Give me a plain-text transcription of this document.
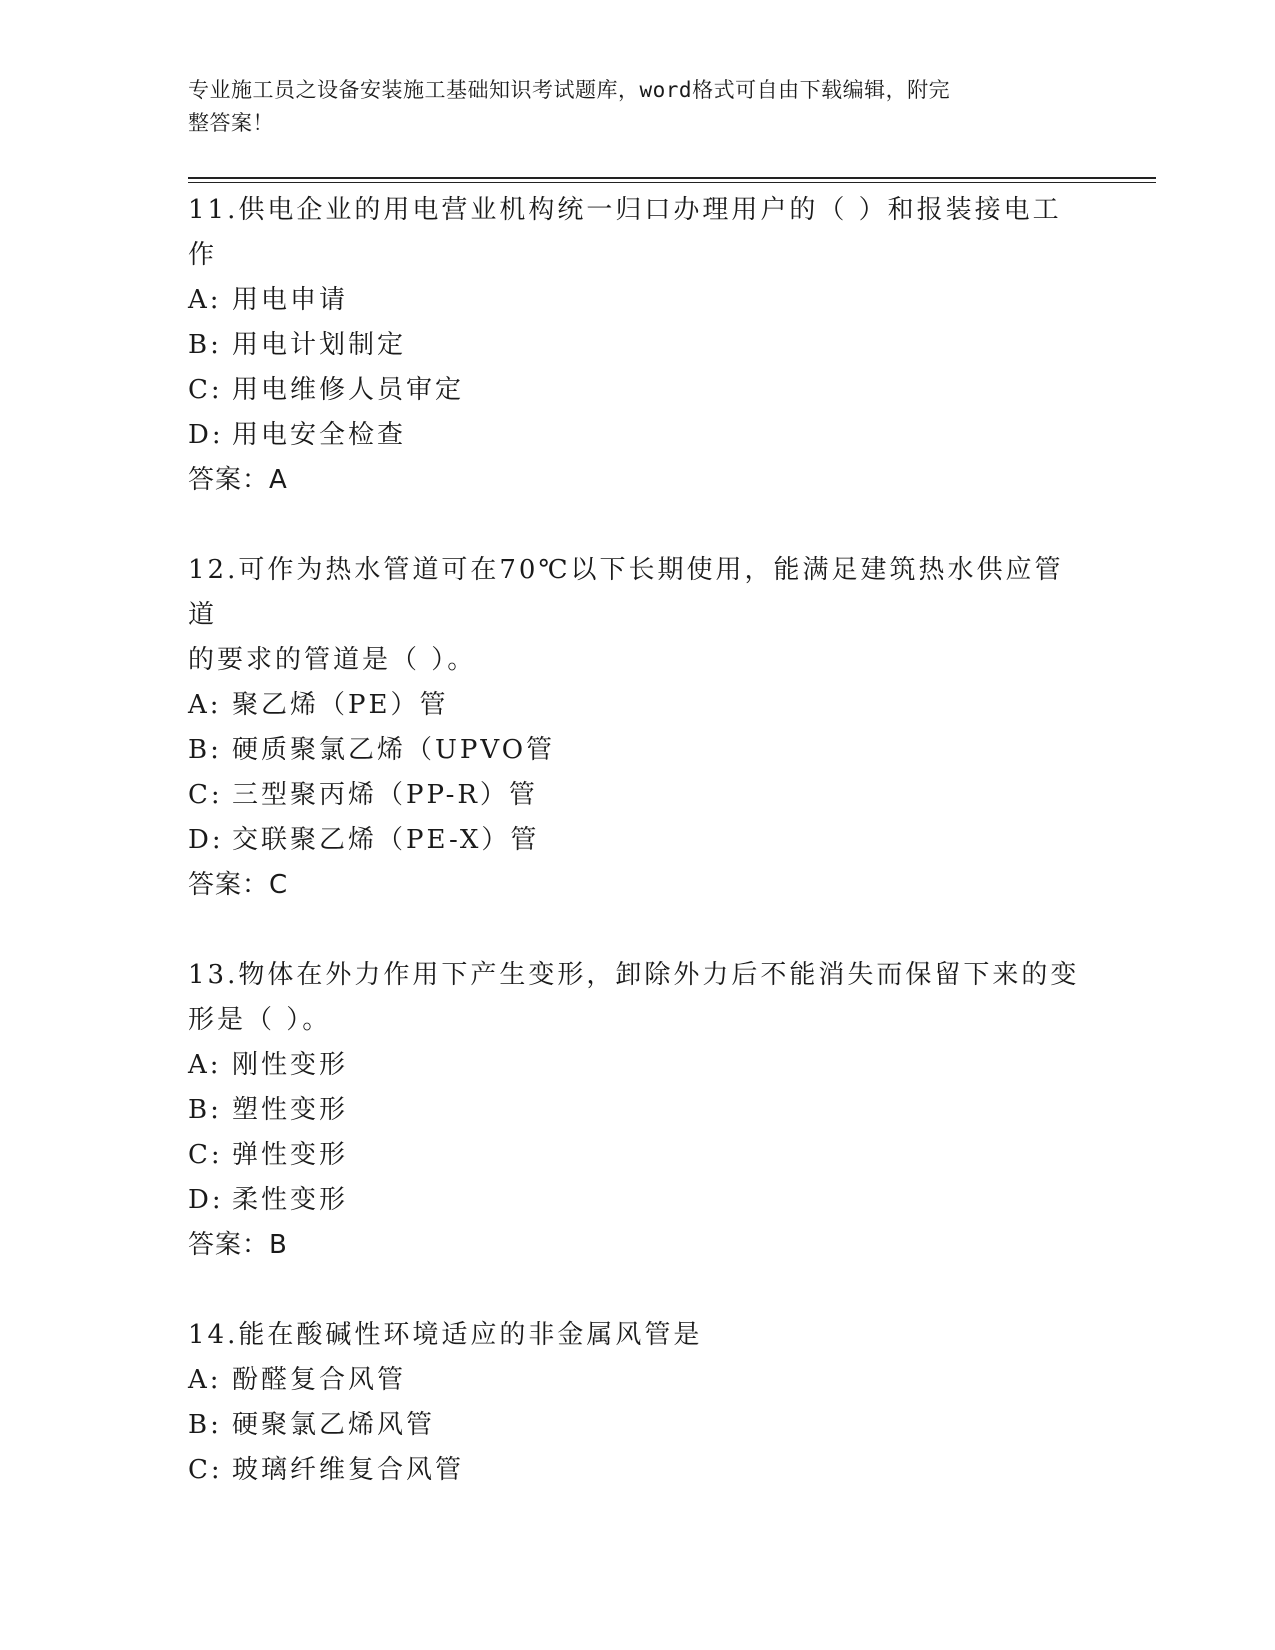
专业施工员之设备安装施工基础知识考试题库，word格式可自由下载编辑，附完
整答案！

11.供电企业的用电营业机构统一归口办理用户的（ ）和报装接电工

作

A: 用电申请

B: 用电计划制定

C: 用电维修人员审定

D: 用电安全检查

答案：A

12.可作为热水管道可在70℃以下长期使用，能满足建筑热水供应管道

的要求的管道是（ ）。

A: 聚乙烯（PE）管

B: 硬质聚氯乙烯（UPVO管

C: 三型聚丙烯（PP-R）管

D: 交联聚乙烯（PE-X）管

答案：C

13.物体在外力作用下产生变形，卸除外力后不能消失而保留下来的变

形是（ ）。

A: 刚性变形

B: 塑性变形

C: 弹性变形

D: 柔性变形

答案：B

14.能在酸碱性环境适应的非金属风管是

A: 酚醛复合风管

B: 硬聚氯乙烯风管

C: 玻璃纤维复合风管
